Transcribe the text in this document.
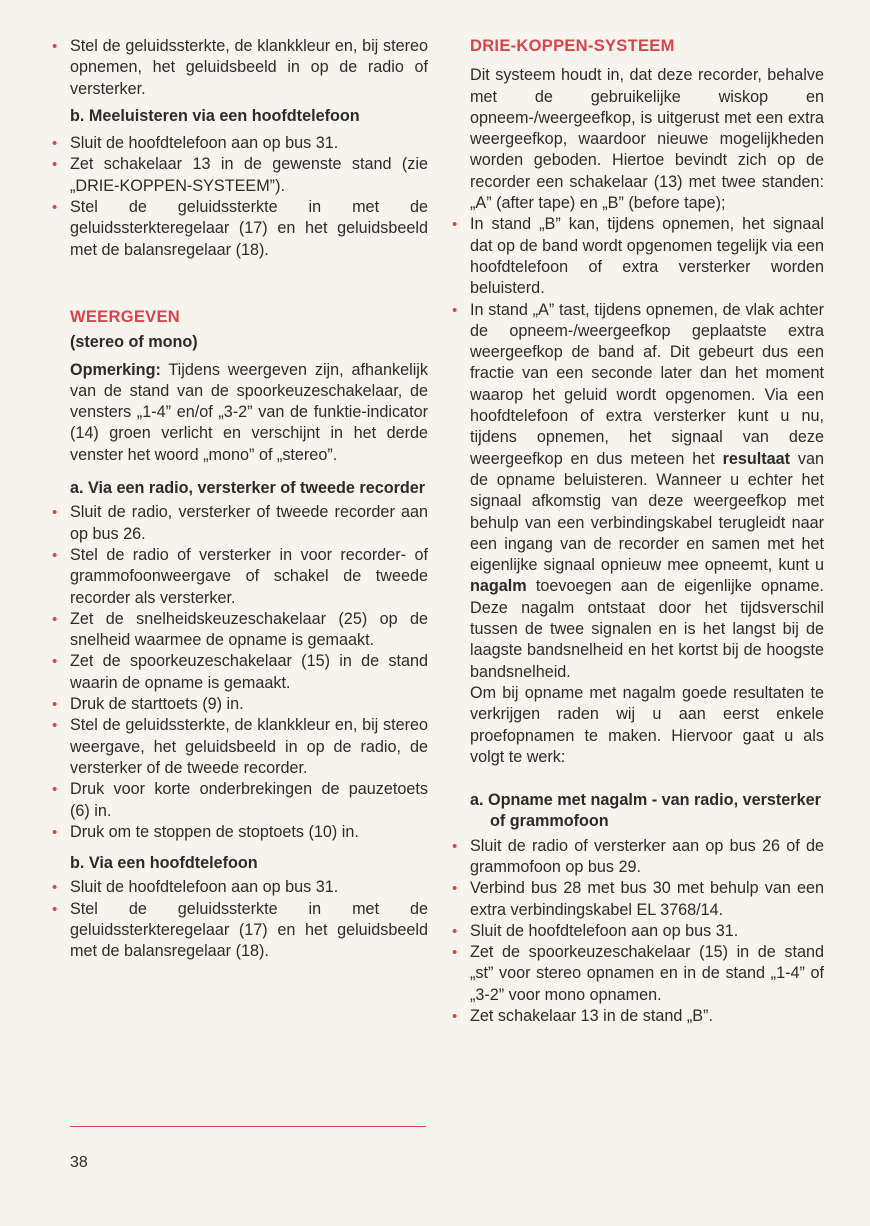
• Stel de geluidssterkte, de klankkleur en, bij stereo opnemen, het geluidsbeeld in op de radio of versterker.
b. Meeluisteren via een hoofdtelefoon
• Sluit de hoofdtelefoon aan op bus 31.
• Zet schakelaar 13 in de gewenste stand (zie „DRIE-KOPPEN-SYSTEEM”).
• Stel de geluidssterkte in met de geluidssterkteregelaar (17) en het geluidsbeeld met de balansregelaar (18).
WEERGEVEN
(stereo of mono)
Opmerking: Tijdens weergeven zijn, afhankelijk van de stand van de spoorkeuzeschakelaar, de vensters „1-4” en/of „3-2” van de funktie-indicator (14) groen verlicht en verschijnt in het derde venster het woord „mono” of „stereo”.
a. Via een radio, versterker of tweede recorder
• Sluit de radio, versterker of tweede recorder aan op bus 26.
• Stel de radio of versterker in voor recorder- of grammofoonweergave of schakel de tweede recorder als versterker.
• Zet de snelheidskeuzeschakelaar (25) op de snelheid waarmee de opname is gemaakt.
• Zet de spoorkeuzeschakelaar (15) in de stand waarin de opname is gemaakt.
• Druk de starttoets (9) in.
• Stel de geluidssterkte, de klankkleur en, bij stereo weergave, het geluidsbeeld in op de radio, de versterker of de tweede recorder.
• Druk voor korte onderbrekingen de pauzetoets (6) in.
• Druk om te stoppen de stoptoets (10) in.
b. Via een hoofdtelefoon
• Sluit de hoofdtelefoon aan op bus 31.
• Stel de geluidssterkte in met de geluidssterkteregelaar (17) en het geluidsbeeld met de balansregelaar (18).
DRIE-KOPPEN-SYSTEEM
Dit systeem houdt in, dat deze recorder, behalve met de gebruikelijke wiskop en opneem-/weergeefkop, is uitgerust met een extra weergeefkop, waardoor nieuwe mogelijkheden worden geboden. Hiertoe bevindt zich op de recorder een schakelaar (13) met twee standen: „A” (after tape) en „B” (before tape);
• In stand „B” kan, tijdens opnemen, het signaal dat op de band wordt opgenomen tegelijk via een hoofdtelefoon of extra versterker worden beluisterd.
• In stand „A” tast, tijdens opnemen, de vlak achter de opneem-/weergeefkop geplaatste extra weergeefkop de band af. Dit gebeurt dus een fractie van een seconde later dan het moment waarop het geluid wordt opgenomen. Via een hoofdtelefoon of extra versterker kunt u nu, tijdens opnemen, het signaal van deze weergeefkop en dus meteen het resultaat van de opname beluisteren. Wanneer u echter het signaal afkomstig van deze weergeefkop met behulp van een verbindingskabel terugleidt naar een ingang van de recorder en samen met het eigenlijke signaal opnieuw mee opneemt, kunt u nagalm toevoegen aan de eigenlijke opname. Deze nagalm ontstaat door het tijdsverschil tussen de twee signalen en is het langst bij de laagste bandsnelheid en het kortst bij de hoogste bandsnelheid.
Om bij opname met nagalm goede resultaten te verkrijgen raden wij u aan eerst enkele proefopnamen te maken. Hiervoor gaat u als volgt te werk:
a. Opname met nagalm - van radio, versterker of grammofoon
• Sluit de radio of versterker aan op bus 26 of de grammofoon op bus 29.
• Verbind bus 28 met bus 30 met behulp van een extra verbindingskabel EL 3768/14.
• Sluit de hoofdtelefoon aan op bus 31.
• Zet de spoorkeuzeschakelaar (15) in de stand „st” voor stereo opnamen en in de stand „1-4” of „3-2” voor mono opnamen.
• Zet schakelaar 13 in de stand „B”.
38
